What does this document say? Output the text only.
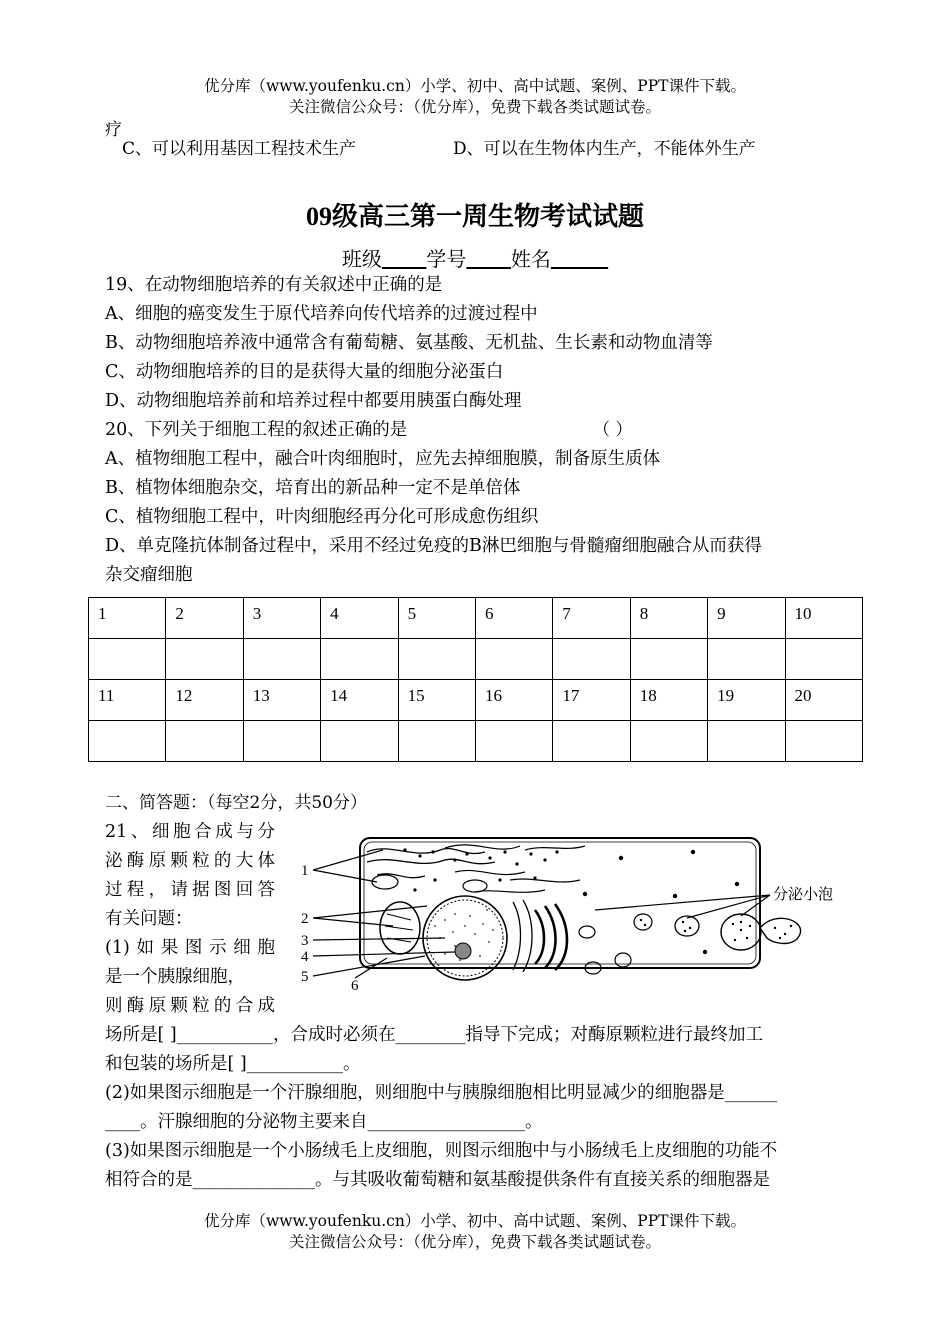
优分库（www.youfenku.cn）小学、初中、高中试题、案例、PPT课件下载。
关注微信公众号：（优分库），免费下载各类试题试卷。
疗
C、可以利用基因工程技术生产	D、可以在生物体内生产，不能体外生产
09级高三第一周生物考试试题
班级 学号 姓名
19、在动物细胞培养的有关叙述中正确的是
A、细胞的癌变发生于原代培养向传代培养的过渡过程中
B、动物细胞培养液中通常含有葡萄糖、氨基酸、无机盐、生长素和动物血清等
C、动物细胞培养的目的是获得大量的细胞分泌蛋白
D、动物细胞培养前和培养过程中都要用胰蛋白酶处理
20、下列关于细胞工程的叙述正确的是	（ ）
A、植物细胞工程中，融合叶肉细胞时，应先去掉细胞膜，制备原生质体
B、植物体细胞杂交，培育出的新品种一定不是单倍体
C、植物细胞工程中，叶肉细胞经再分化可形成愈伤组织
D、单克隆抗体制备过程中，采用不经过免疫的B淋巴细胞与骨髓瘤细胞融合从而获得
杂交瘤细胞
1	2	3	4	5	6	7	8	9	10

11	12	13	14	15	16	17	18	19	20

二、简答题：（每空2分，共50分）
21、细胞合成与分
泌酶原颗粒的大体
过程，请据图回答
有关问题：
(1)如果图示细胞
是一个胰腺细胞，
则酶原颗粒的合成
1
2
3
4
5
6
分泌小泡
场所是[ ]___________，合成时必须在________指导下完成；对酶原颗粒进行最终加工
和包装的场所是[ ]___________。
(2)如果图示细胞是一个汗腺细胞，则细胞中与胰腺细胞相比明显减少的细胞器是______
____。汗腺细胞的分泌物主要来自__________________。
(3)如果图示细胞是一个小肠绒毛上皮细胞，则图示细胞中与小肠绒毛上皮细胞的功能不
相符合的是______________。与其吸收葡萄糖和氨基酸提供条件有直接关系的细胞器是
优分库（www.youfenku.cn）小学、初中、高中试题、案例、PPT课件下载。
关注微信公众号：（优分库），免费下载各类试题试卷。
